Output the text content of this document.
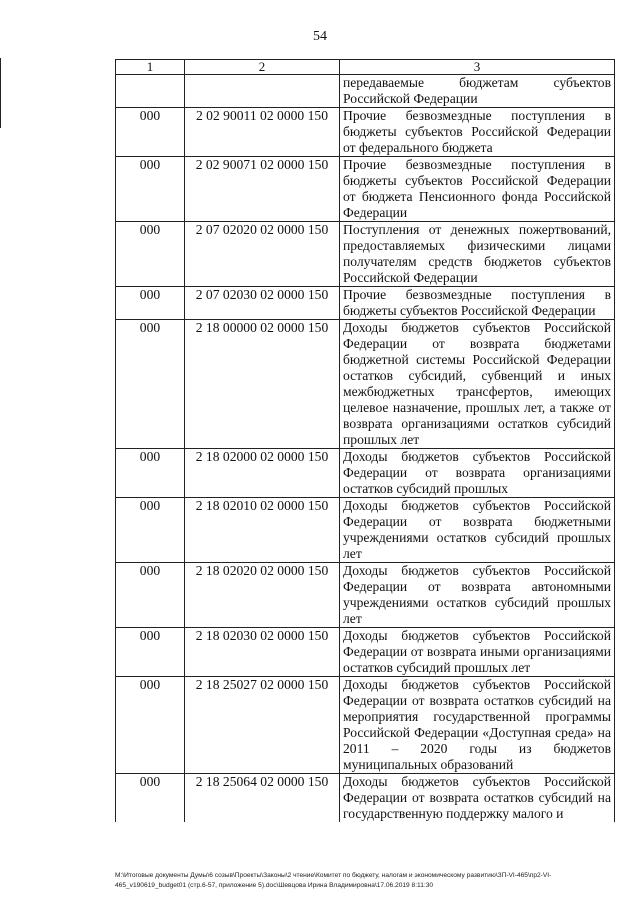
54
1	2	3
		передаваемые бюджетам субъектов Российской Федерации
000	2 02 90011 02 0000 150	Прочие безвозмездные поступления в бюджеты субъектов Российской Федерации от федерального бюджета
000	2 02 90071 02 0000 150	Прочие безвозмездные поступления в бюджеты субъектов Российской Федерации от бюджета Пенсионного фонда Российской Федерации
000	2 07 02020 02 0000 150	Поступления от денежных пожертвований, предоставляемых физическими лицами получателям средств бюджетов субъектов Российской Федерации
000	2 07 02030 02 0000 150	Прочие безвозмездные поступления в бюджеты субъектов Российской Федерации
000	2 18 00000 02 0000 150	Доходы бюджетов субъектов Российской Федерации от возврата бюджетами бюджетной системы Российской Федерации остатков субсидий, субвенций и иных межбюджетных трансфертов, имеющих целевое назначение, прошлых лет, а также от возврата организациями остатков субсидий прошлых лет
000	2 18 02000 02 0000 150	Доходы бюджетов субъектов Российской Федерации от возврата организациями остатков субсидий прошлых
000	2 18 02010 02 0000 150	Доходы бюджетов субъектов Российской Федерации от возврата бюджетными учреждениями остатков субсидий прошлых лет
000	2 18 02020 02 0000 150	Доходы бюджетов субъектов Российской Федерации от возврата автономными учреждениями остатков субсидий прошлых лет
000	2 18 02030 02 0000 150	Доходы бюджетов субъектов Российской Федерации от возврата иными организациями остатков субсидий прошлых лет
000	2 18 25027 02 0000 150	Доходы бюджетов субъектов Российской Федерации от возврата остатков субсидий на мероприятия государственной программы Российской Федерации «Доступная среда» на 2011 – 2020 годы из бюджетов муниципальных образований
000	2 18 25064 02 0000 150	Доходы бюджетов субъектов Российской Федерации от возврата остатков субсидий на государственную поддержку малого и
M:\Итоговые документы Думы\6 созыв\Проекты\Законы\2 чтение\Комитет по бюджету, налогам и экономическому развитию\ЗП-VI-465\пр2-VI-
465_v190619_budget01 (стр.6-57, приложение 5).doc\Шевцова Ирина Владимировна\17.06.2019 8:11:30
